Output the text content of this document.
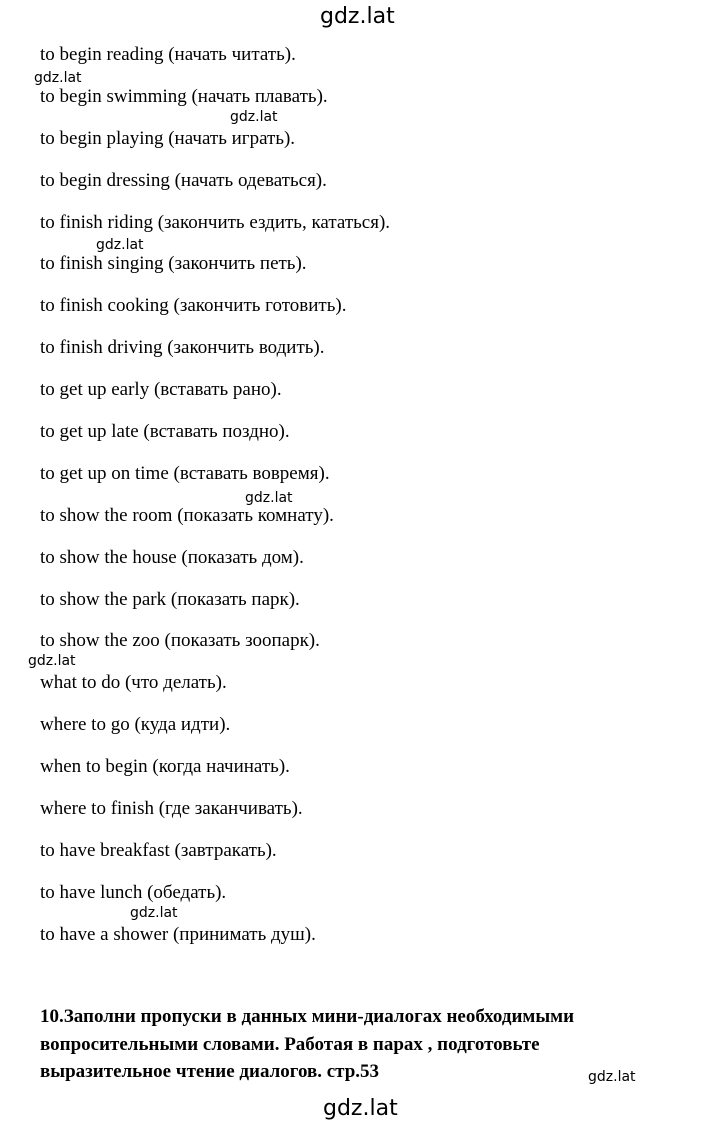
gdz.lat
gdz.lat
gdz.lat
gdz.lat
gdz.lat
gdz.lat
gdz.lat
gdz.lat
gdz.lat
to begin reading (начать читать).
to begin swimming (начать плавать).
to begin playing (начать играть).
to begin dressing (начать одеваться).
to finish riding (закончить ездить, кататься).
to finish singing (закончить петь).
to finish cooking (закончить готовить).
to finish driving (закончить водить).
to get up early (вставать рано).
to get up late (вставать поздно).
to get up on time (вставать вовремя).
to show the room (показать комнату).
to show the house (показать дом).
to show the park (показать парк).
to show the zoo (показать зоопарк).
what to do (что делать).
where to go (куда идти).
when to begin (когда начинать).
where to finish (где заканчивать).
to have breakfast (завтракать).
to have lunch (обедать).
to have a shower (принимать душ).
10.Заполни пропуски в данных мини-диалогах необходимыми
вопросительными словами. Работая в парах , подготовьте
выразительное чтение диалогов. стр.53
